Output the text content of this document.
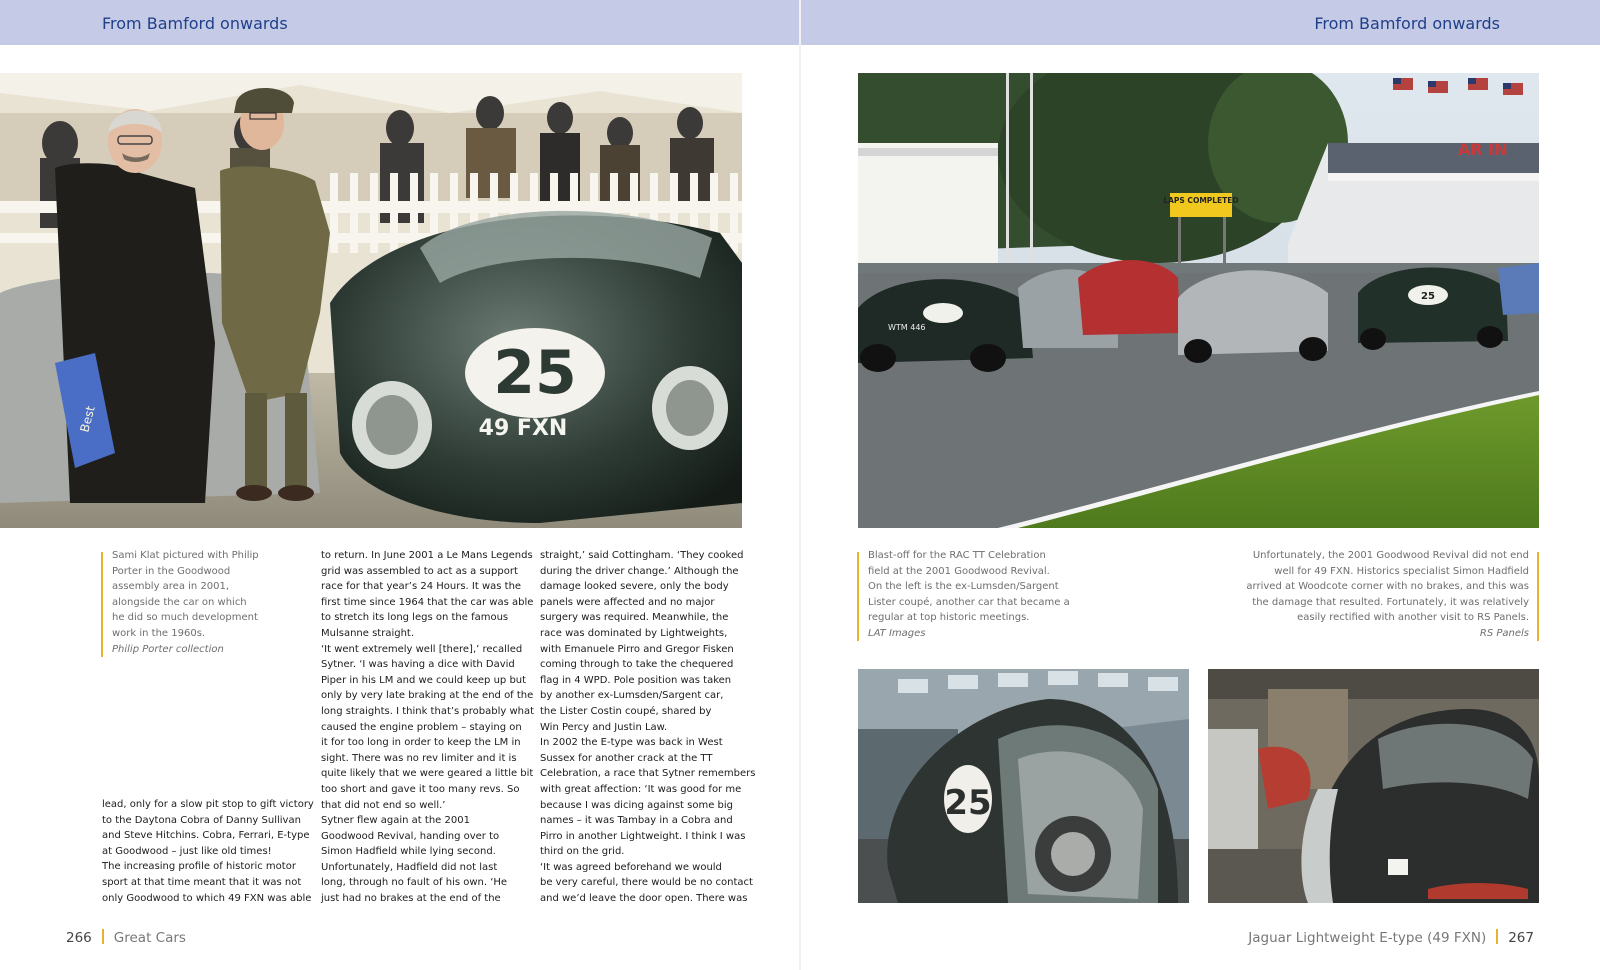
From Bamford onwards	From Bamford onwards
25
49 FXN
Best
AR IN
LAPS COMPLETED
WTM 446
25
25
Sami Klat pictured with Philip
Porter in the Goodwood
assembly area in 2001,
alongside the car on which
he did so much development
work in the 1960s.
Philip Porter collection
Blast-off for the RAC TT Celebration
field at the 2001 Goodwood Revival.
On the left is the ex-Lumsden/Sargent
Lister coupé, another car that became a
regular at top historic meetings.
LAT Images
Unfortunately, the 2001 Goodwood Revival did not end
well for 49 FXN. Historics specialist Simon Hadfield
arrived at Woodcote corner with no brakes, and this was
the damage that resulted. Fortunately, it was relatively
easily rectified with another visit to RS Panels.
RS Panels
lead, only for a slow pit stop to gift victory
to the Daytona Cobra of Danny Sullivan
and Steve Hitchins. Cobra, Ferrari, E-type
at Goodwood – just like old times!
The increasing profile of historic motor
sport at that time meant that it was not
only Goodwood to which 49 FXN was able
to return. In June 2001 a Le Mans Legends
grid was assembled to act as a support
race for that year’s 24 Hours. It was the
first time since 1964 that the car was able
to stretch its long legs on the famous
Mulsanne straight.
‘It went extremely well [there],’ recalled
Sytner. ‘I was having a dice with David
Piper in his LM and we could keep up but
only by very late braking at the end of the
long straights. I think that’s probably what
caused the engine problem – staying on
it for too long in order to keep the LM in
sight. There was no rev limiter and it is
quite likely that we were geared a little bit
too short and gave it too many revs. So
that did not end so well.’
Sytner flew again at the 2001
Goodwood Revival, handing over to
Simon Hadfield while lying second.
Unfortunately, Hadfield did not last
long, through no fault of his own. ‘He
just had no brakes at the end of the
straight,’ said Cottingham. ‘They cooked
during the driver change.’ Although the
damage looked severe, only the body
panels were affected and no major
surgery was required. Meanwhile, the
race was dominated by Lightweights,
with Emanuele Pirro and Gregor Fisken
coming through to take the chequered
flag in 4 WPD. Pole position was taken
by another ex-Lumsden/Sargent car,
the Lister Costin coupé, shared by
Win Percy and Justin Law.
In 2002 the E-type was back in West
Sussex for another crack at the TT
Celebration, a race that Sytner remembers
with great affection: ‘It was good for me
because I was dicing against some big
names – it was Tambay in a Cobra and
Pirro in another Lightweight. I think I was
third on the grid.
‘It was agreed beforehand we would
be very careful, there would be no contact
and we’d leave the door open. There was
266 Great Cars	Jaguar Lightweight E-type (49 FXN) 267
